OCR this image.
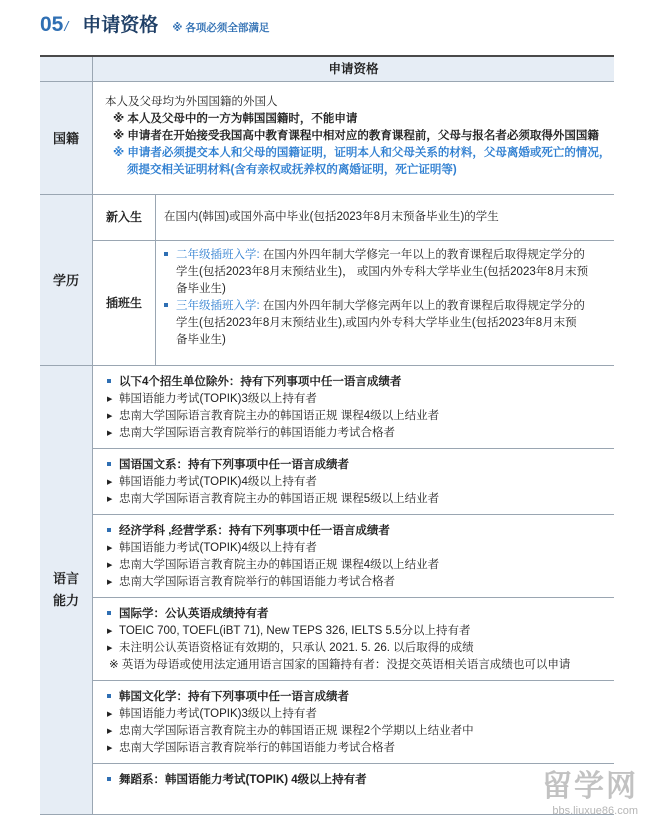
05 / 申请资格 ※ 各项必须全部满足
申请资格
国籍
本人及父母均为外国国籍的外国人
※ 本人及父母中的一方为韩国国籍时，不能申请
※ 申请者在开始接受我国高中教育课程中相对应的教育课程前，父母与报名者必须取得外国国籍
※ 申请者必须提交本人和父母的国籍证明，证明本人和父母关系的材料，父母离婚或死亡的情况，
须提交相关证明材料(含有亲权或抚养权的离婚证明，死亡证明等)
学历
新入生	在国内(韩国)或国外高中毕业(包括2023年8月末预备毕业生)的学生
插班生
二年级插班入学: 在国内外四年制大学修完一年以上的教育课程后取得规定学分的
学生(包括2023年8月末预结业生)， 或国内外专科大学毕业生(包括2023年8月末预
备毕业生)
三年级插班入学: 在国内外四年制大学修完两年以上的教育课程后取得规定学分的
学生(包括2023年8月末预结业生),或国内外专科大学毕业生(包括2023年8月末预
备毕业生)
语言
能力
以下4个招生单位除外：持有下列事项中任一语言成绩者
▶ 韩国语能力考试(TOPIK)3级以上持有者
▶ 忠南大学国际语言教育院主办的韩国语正规 课程4级以上结业者
▶ 忠南大学国际语言教育院举行的韩国语能力考试合格者
国语国文系：持有下列事项中任一语言成绩者
▶ 韩国语能力考试(TOPIK)4级以上持有者
▶ 忠南大学国际语言教育院主办的韩国语正规 课程5级以上结业者
经济学科 ,经营学系：持有下列事项中任一语言成绩者
▶ 韩国语能力考试(TOPIK)4级以上持有者
▶ 忠南大学国际语言教育院主办的韩国语正规 课程4级以上结业者
▶ 忠南大学国际语言教育院举行的韩国语能力考试合格者
国际学：公认英语成绩持有者
▶ TOEIC 700, TOEFL(iBT 71), New TEPS 326, IELTS 5.5分以上持有者
▶ 未注明公认英语资格证有效期的，只承认 2021. 5. 26. 以后取得的成绩
※ 英语为母语或使用法定通用语言国家的国籍持有者：没提交英语相关语言成绩也可以申请
韩国文化学：持有下列事项中任一语言成绩者
▶ 韩国语能力考试(TOPIK)3级以上持有者
▶ 忠南大学国际语言教育院主办的韩国语正规 课程2个学期以上结业者中
▶ 忠南大学国际语言教育院举行的韩国语能力考试合格者
舞蹈系：韩国语能力考试(TOPIK) 4级以上持有者	留学网
bbs.liuxue86.com
